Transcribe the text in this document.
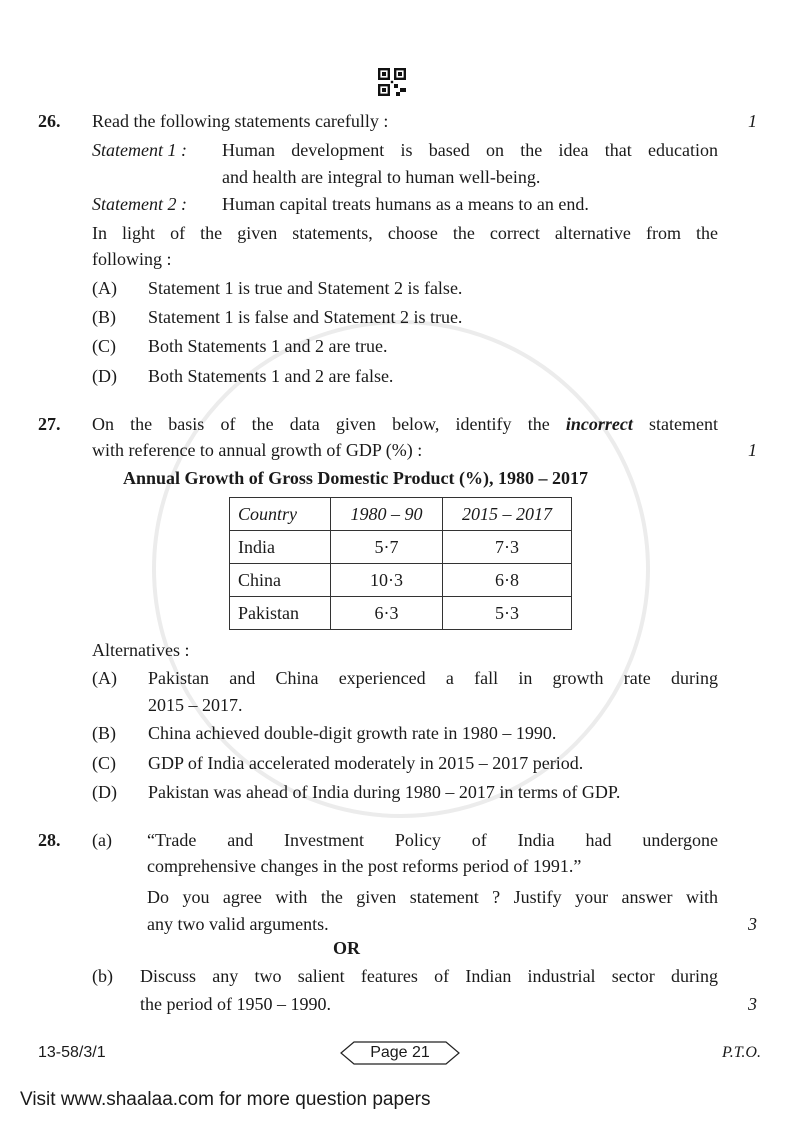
26. Read the following statements carefully :	1
Statement 1 : Human development is based on the idea that education
and health are integral to human well-being.
Statement 2 : Human capital treats humans as a means to an end.
In light of the given statements, choose the correct alternative from the
following :
(A) Statement 1 is true and Statement 2 is false.
(B) Statement 1 is false and Statement 2 is true.
(C) Both Statements 1 and 2 are true.
(D) Both Statements 1 and 2 are false.
27. On the basis of the data given below, identify the incorrect statement
with reference to annual growth of GDP (%) :	1
Annual Growth of Gross Domestic Product (%), 1980 – 2017
Country	1980 – 90	2015 – 2017
India	5·7	7·3
China	10·3	6·8
Pakistan	6·3	5·3
Alternatives :
(A) Pakistan and China experienced a fall in growth rate during
2015 – 2017.
(B) China achieved double-digit growth rate in 1980 – 1990.
(C) GDP of India accelerated moderately in 2015 – 2017 period.
(D) Pakistan was ahead of India during 1980 – 2017 in terms of GDP.
28. (a) “Trade and Investment Policy of India had undergone
comprehensive changes in the post reforms period of 1991.”
Do you agree with the given statement ? Justify your answer with
any two valid arguments.	3
OR
(b) Discuss any two salient features of Indian industrial sector during
the period of 1950 – 1990.	3
13-58/3/1	Page 21	P.T.O.
Visit www.shaalaa.com for more question papers
